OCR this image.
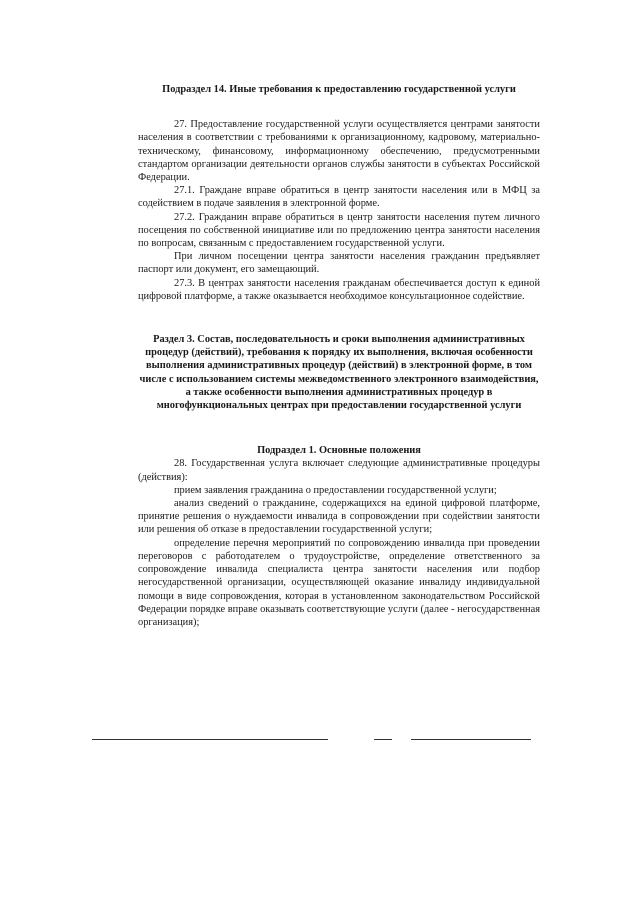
Подраздел 14. Иные требования к предоставлению государственной услуги

27. Предоставление государственной услуги осуществляется центрами занятости населения в соответствии с требованиями к организационному, кадровому, материально-техническому, финансовому, информационному обеспечению, предусмотренными стандартом организации деятельности органов службы занятости в субъектах Российской Федерации.

27.1. Граждане вправе обратиться в центр занятости населения или в МФЦ за содействием в подаче заявления в электронной форме.

27.2. Гражданин вправе обратиться в центр занятости населения путем личного посещения по собственной инициативе или по предложению центра занятости населения по вопросам, связанным с предоставлением государственной услуги.

При личном посещении центра занятости населения гражданин предъявляет паспорт или документ, его замещающий.

27.3. В центрах занятости населения гражданам обеспечивается доступ к единой цифровой платформе, а также оказывается необходимое консультационное содействие.

Раздел 3. Состав, последовательность и сроки выполнения административных процедур (действий), требования к порядку их выполнения, включая особенности выполнения административных процедур (действий) в электронной форме, в том числе с использованием системы межведомственного электронного взаимодействия, а также особенности выполнения административных процедур в многофункциональных центрах при предоставлении государственной услуги

Подраздел 1. Основные положения

28. Государственная услуга включает следующие административные процедуры (действия):

прием заявления гражданина о предоставлении государственной услуги;

анализ сведений о гражданине, содержащихся на единой цифровой платформе, принятие решения о нуждаемости инвалида в сопровождении при содействии занятости или решения об отказе в предоставлении государственной услуги;

определение перечня мероприятий по сопровождению инвалида при проведении переговоров с работодателем о трудоустройстве, определение ответственного за сопровождение инвалида специалиста центра занятости населения или подбор негосударственной организации, осуществляющей оказание инвалиду индивидуальной помощи в виде сопровождения, которая в установленном законодательством Российской Федерации порядке вправе оказывать соответствующие услуги (далее - негосударственная организация);
